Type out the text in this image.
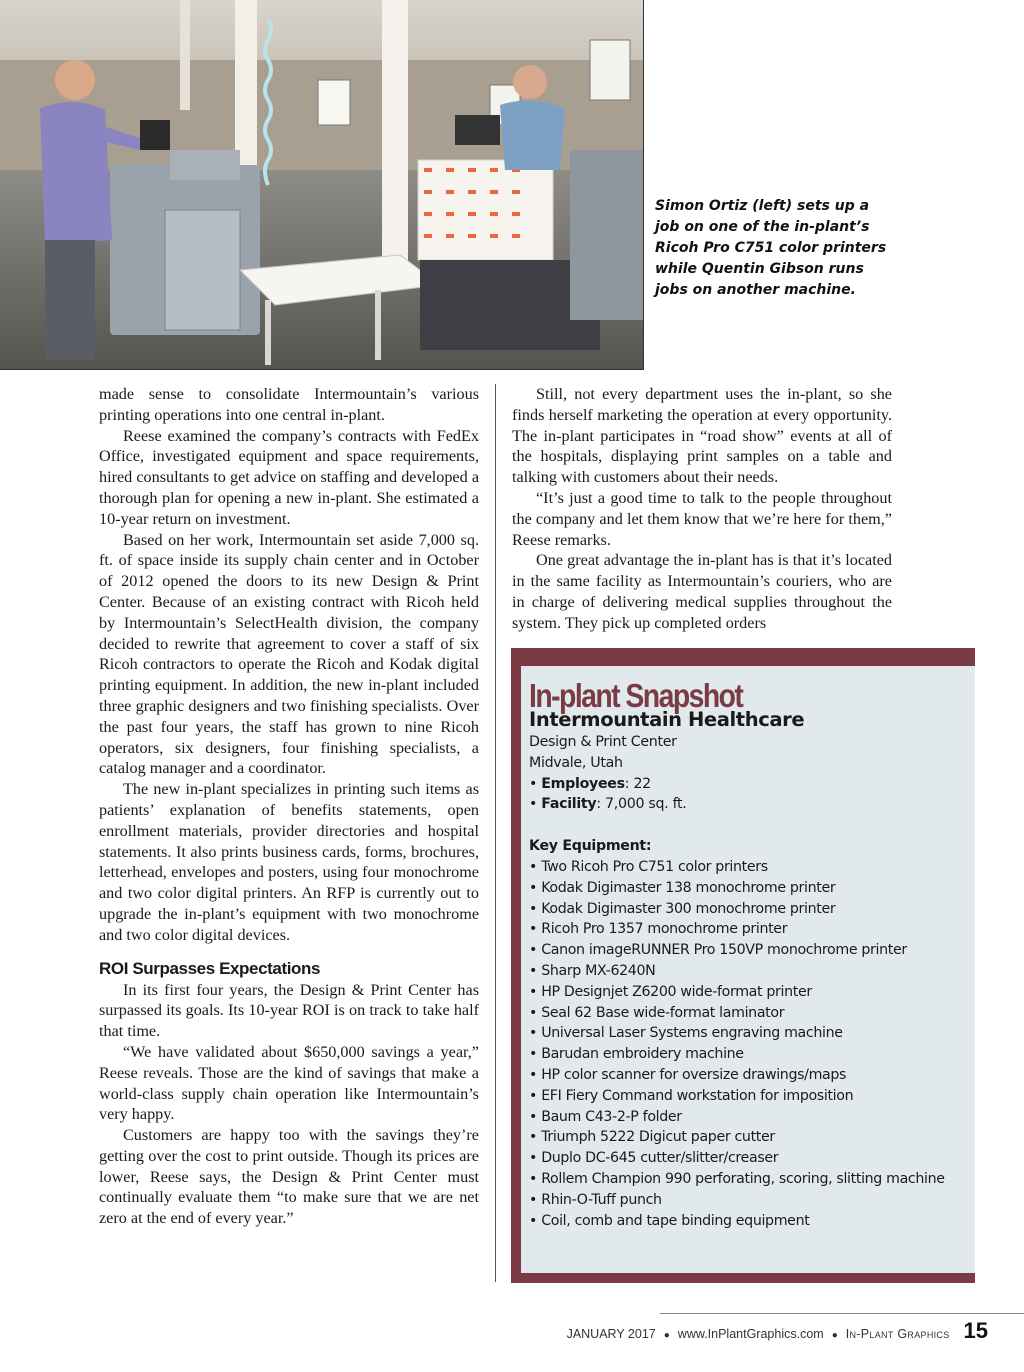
Simon Ortiz (left) sets up a job on one of the in-plant’s Ricoh Pro C751 color printers while Quentin Gibson runs jobs on another machine.

made sense to consolidate Intermountain’s various printing operations into one central in-plant.

Reese examined the company’s contracts with FedEx Office, investigated equipment and space requirements, hired consultants to get advice on staffing and developed a thorough plan for opening a new in-plant. She estimated a 10-year return on investment.

Based on her work, Intermountain set aside 7,000 sq. ft. of space inside its supply chain center and in October of 2012 opened the doors to its new Design & Print Center. Because of an existing contract with Ricoh held by Intermountain’s SelectHealth division, the company decided to rewrite that agreement to cover a staff of six Ricoh contractors to operate the Ricoh and Kodak digital printing equipment. In addition, the new in-plant included three graphic designers and two finishing specialists. Over the past four years, the staff has grown to nine Ricoh operators, six designers, four finishing specialists, a catalog manager and a coordinator.

The new in-plant specializes in printing such items as patients’ explanation of benefits statements, open enrollment materials, provider directories and hospital statements. It also prints business cards, forms, brochures, letterhead, envelopes and posters, using four monochrome and two color digital printers. An RFP is currently out to upgrade the in-plant’s equipment with two monochrome and two color digital devices.

ROI Surpasses Expectations

In its first four years, the Design & Print Center has surpassed its goals. Its 10-year ROI is on track to take half that time.

“We have validated about $650,000 savings a year,” Reese reveals. Those are the kind of savings that make a world-class supply chain operation like Intermountain’s very happy.

Customers are happy too with the savings they’re getting over the cost to print outside. Though its prices are lower, Reese says, the Design & Print Center must continually evaluate them “to make sure that we are net zero at the end of every year.”

Still, not every department uses the in-plant, so she finds herself marketing the operation at every opportunity. The in-plant participates in “road show” events at all of the hospitals, displaying print samples on a table and talking with customers about their needs.

“It’s just a good time to talk to the people throughout the company and let them know that we’re here for them,” Reese remarks.

One great advantage the in-plant has is that it’s located in the same facility as Intermountain’s couriers, who are in charge of delivering medical supplies throughout the system. They pick up completed orders

In-plant Snapshot
Intermountain Healthcare
Design & Print Center
Midvale, Utah
• Employees: 22
• Facility: 7,000 sq. ft.
Key Equipment:
• Two Ricoh Pro C751 color printers
• Kodak Digimaster 138 monochrome printer
• Kodak Digimaster 300 monochrome printer
• Ricoh Pro 1357 monochrome printer
• Canon imageRUNNER Pro 150VP monochrome printer
• Sharp MX-6240N
• HP Designjet Z6200 wide-format printer
• Seal 62 Base wide-format laminator
• Universal Laser Systems engraving machine
• Barudan embroidery machine
• HP color scanner for oversize drawings/maps
• EFI Fiery Command workstation for imposition
• Baum C43-2-P folder
• Triumph 5222 Digicut paper cutter
• Duplo DC-645 cutter/slitter/creaser
• Rollem Champion 990 perforating, scoring, slitting machine
• Rhin-O-Tuff punch
• Coil, comb and tape binding equipment
JANUARY 2017 ● www.InPlantGraphics.com ● In-Plant Graphics 15
